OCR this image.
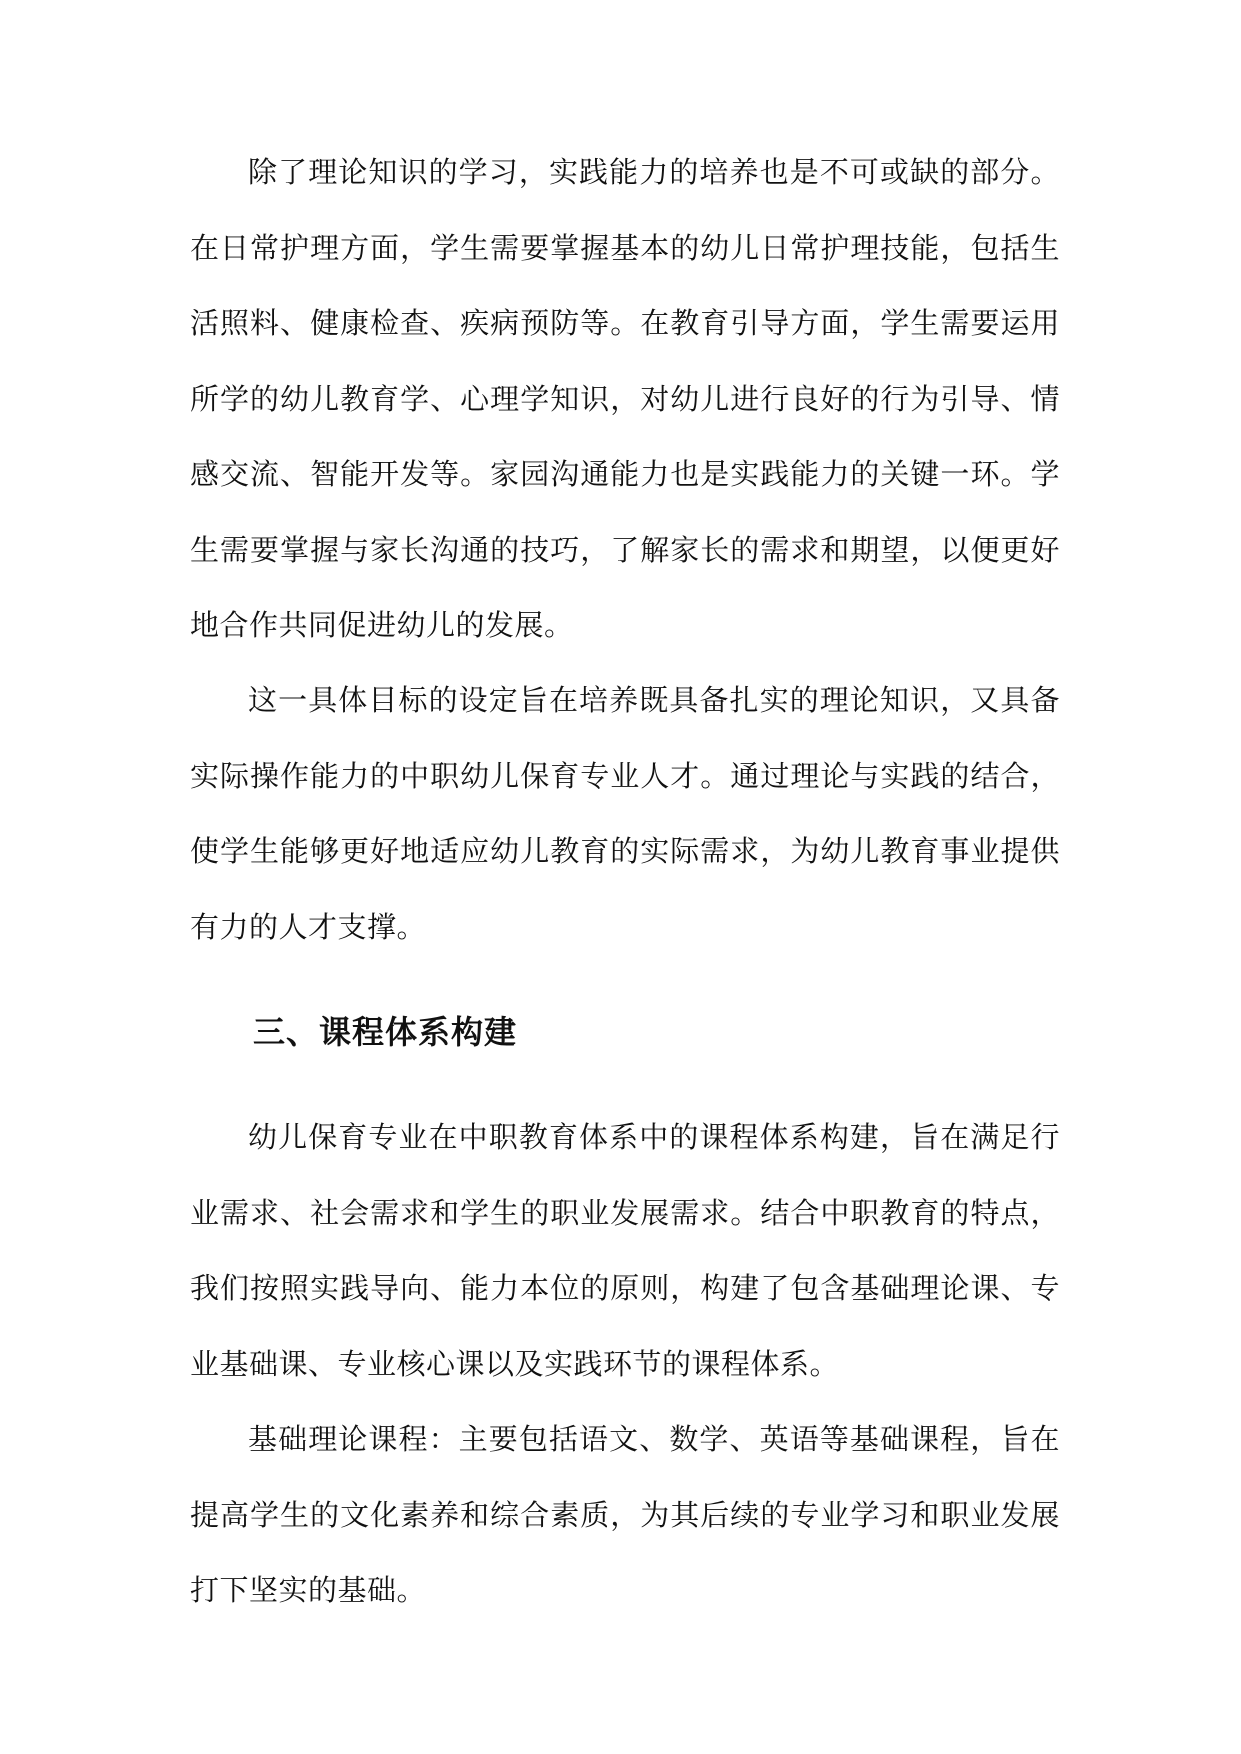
除了理论知识的学习，实践能力的培养也是不可或缺的部分。在日常护理方面，学生需要掌握基本的幼儿日常护理技能，包括生活照料、健康检查、疾病预防等。在教育引导方面，学生需要运用所学的幼儿教育学、心理学知识，对幼儿进行良好的行为引导、情感交流、智能开发等。家园沟通能力也是实践能力的关键一环。学生需要掌握与家长沟通的技巧，了解家长的需求和期望，以便更好地合作共同促进幼儿的发展。

这一具体目标的设定旨在培养既具备扎实的理论知识，又具备实际操作能力的中职幼儿保育专业人才。通过理论与实践的结合，使学生能够更好地适应幼儿教育的实际需求，为幼儿教育事业提供有力的人才支撑。

三、课程体系构建

幼儿保育专业在中职教育体系中的课程体系构建，旨在满足行业需求、社会需求和学生的职业发展需求。结合中职教育的特点，我们按照实践导向、能力本位的原则，构建了包含基础理论课、专业基础课、专业核心课以及实践环节的课程体系。

基础理论课程：主要包括语文、数学、英语等基础课程，旨在提高学生的文化素养和综合素质，为其后续的专业学习和职业发展打下坚实的基础。
